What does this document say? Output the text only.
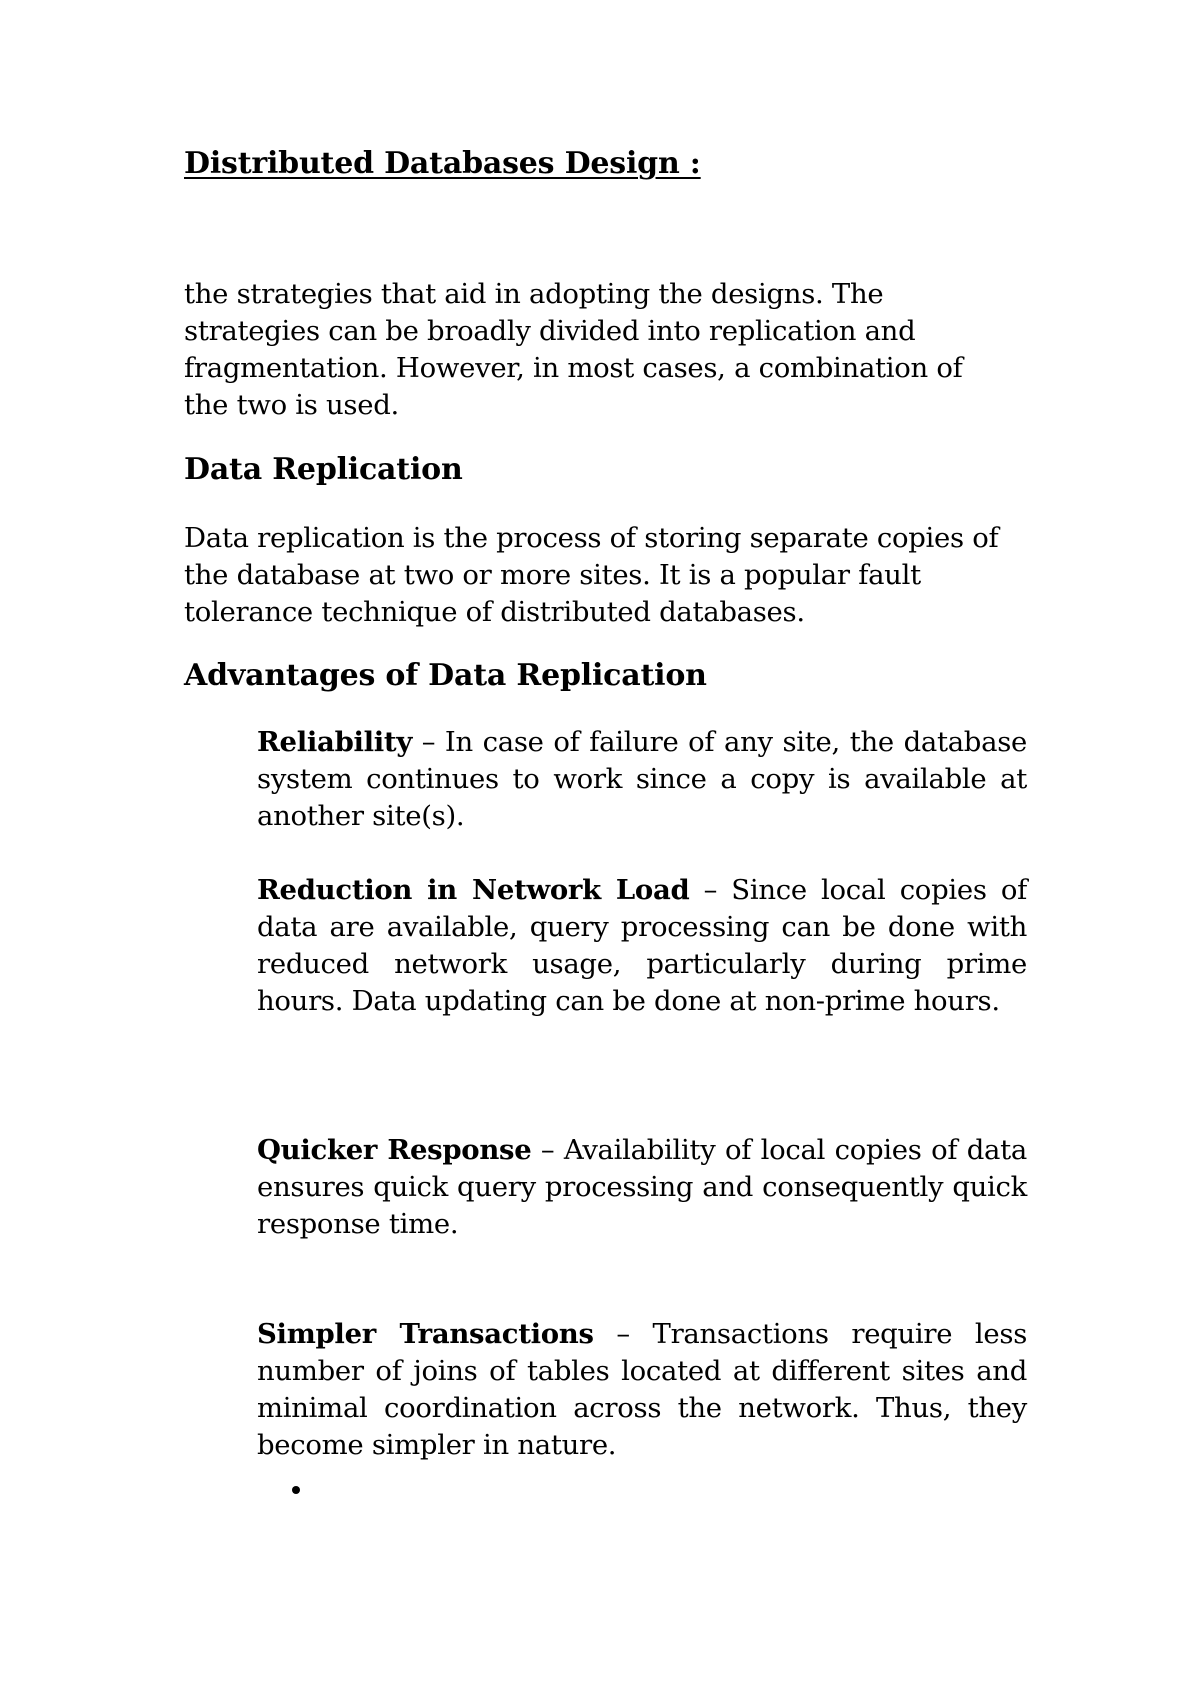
Distributed Databases Design :

the strategies that aid in adopting the designs. The strategies can be broadly divided into replication and fragmentation. However, in most cases, a combination of the two is used.

Data Replication

Data replication is the process of storing separate copies of the database at two or more sites. It is a popular fault tolerance technique of distributed databases.

Advantages of Data Replication

Reliability – In case of failure of any site, the database system continues to work since a copy is available at another site(s).

Reduction in Network Load – Since local copies of data are available, query processing can be done with reduced network usage, particularly during prime hours. Data updating can be done at non-prime hours.

Quicker Response – Availability of local copies of data ensures quick query processing and consequently quick response time.

Simpler Transactions – Transactions require less number of joins of tables located at different sites and minimal coordination across the network. Thus, they become simpler in nature.
